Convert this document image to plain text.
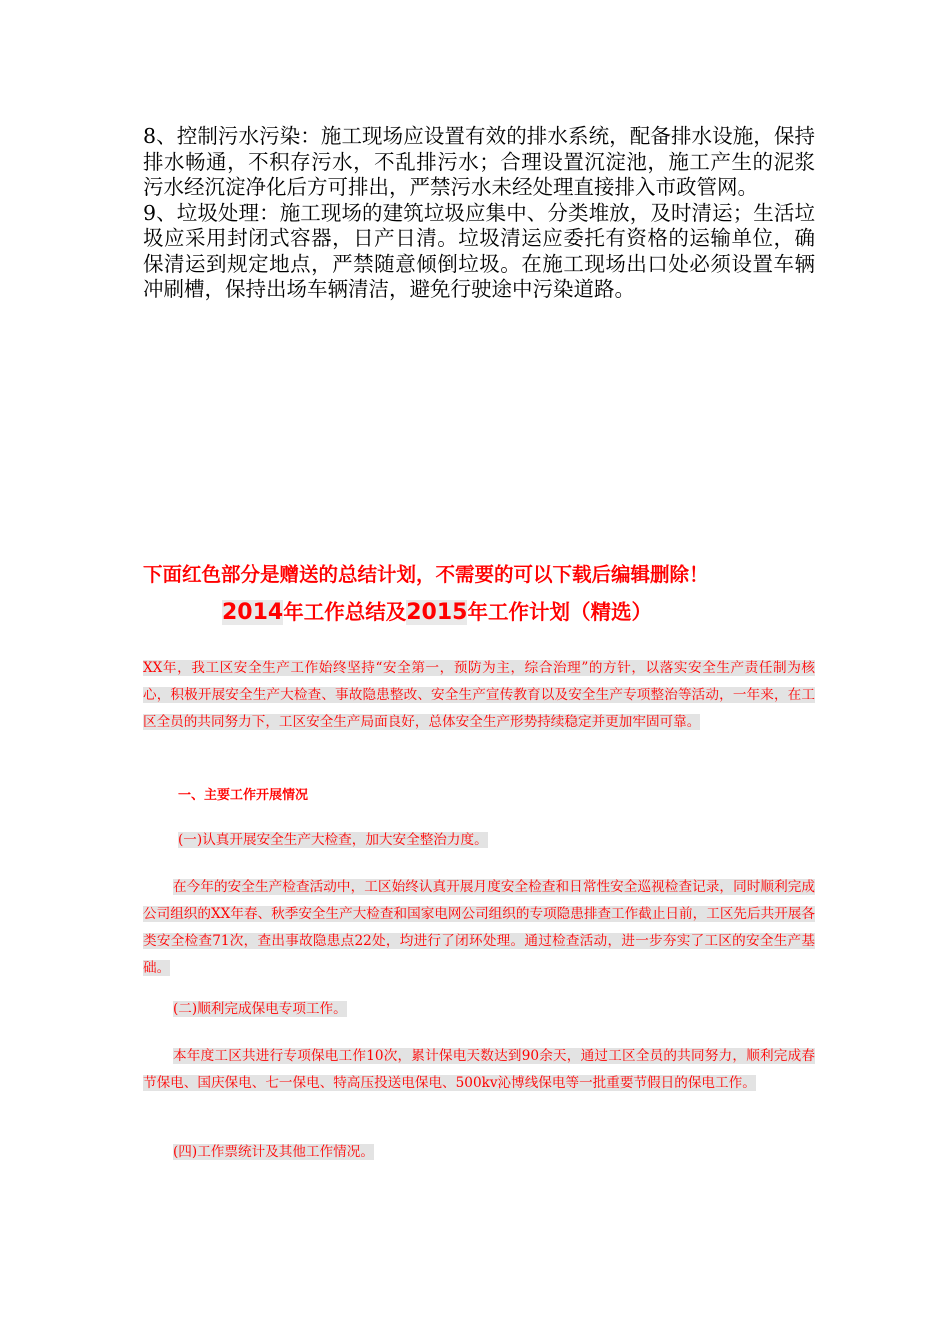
8、控制污水污染：施工现场应设置有效的排水系统，配备排水设施，保持排水畅通，不积存污水，不乱排污水；合理设置沉淀池，施工产生的泥浆污水经沉淀净化后方可排出，严禁污水未经处理直接排入市政管网。

9、垃圾处理：施工现场的建筑垃圾应集中、分类堆放，及时清运；生活垃圾应采用封闭式容器，日产日清。垃圾清运应委托有资格的运输单位，确保清运到规定地点，严禁随意倾倒垃圾。在施工现场出口处必须设置车辆冲刷槽，保持出场车辆清洁，避免行驶途中污染道路。

下面红色部分是赠送的总结计划，不需要的可以下载后编辑删除！
2014年工作总结及2015年工作计划（精选）

XX年，我工区安全生产工作始终坚持“安全第一，预防为主，综合治理”的方针，以落实安全生产责任制为核心，积极开展安全生产大检查、事故隐患整改、安全生产宣传教育以及安全生产专项整治等活动，一年来，在工区全员的共同努力下，工区安全生产局面良好，总体安全生产形势持续稳定并更加牢固可靠。

一、主要工作开展情况

(一)认真开展安全生产大检查，加大安全整治力度。

在今年的安全生产检查活动中，工区始终认真开展月度安全检查和日常性安全巡视检查记录，同时顺利完成公司组织的XX年春、秋季安全生产大检查和国家电网公司组织的专项隐患排查工作截止日前，工区先后共开展各类安全检查71次，查出事故隐患点22处，均进行了闭环处理。通过检查活动，进一步夯实了工区的安全生产基础。

(二)顺利完成保电专项工作。

本年度工区共进行专项保电工作10次，累计保电天数达到90余天，通过工区全员的共同努力，顺利完成春节保电、国庆保电、七一保电、特高压投送电保电、500kv沁博线保电等一批重要节假日的保电工作。

(四)工作票统计及其他工作情况。
